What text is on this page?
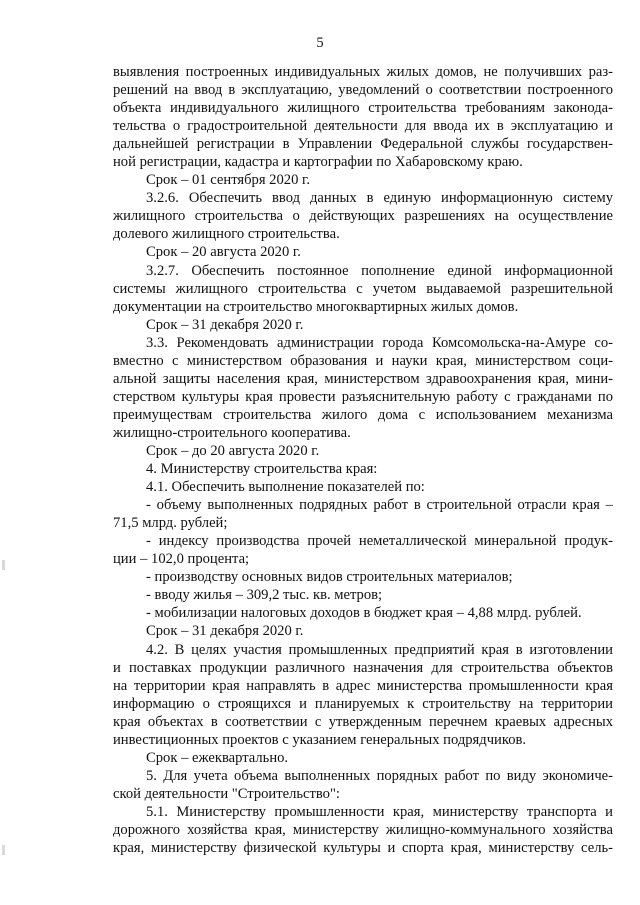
5
выявления построенных индивидуальных жилых домов, не получивших раз-
решений на ввод в эксплуатацию, уведомлений о соответствии построенного
объекта индивидуального жилищного строительства требованиям законода-
тельства о градостроительной деятельности для ввода их в эксплуатацию и
дальнейшей регистрации в Управлении Федеральной службы государствен-
ной регистрации, кадастра и картографии по Хабаровскому краю.
Срок – 01 сентября 2020 г.
3.2.6. Обеспечить ввод данных в единую информационную систему
жилищного строительства о действующих разрешениях на осуществление
долевого жилищного строительства.
Срок – 20 августа 2020 г.
3.2.7. Обеспечить постоянное пополнение единой информационной
системы жилищного строительства с учетом выдаваемой разрешительной
документации на строительство многоквартирных жилых домов.
Срок – 31 декабря 2020 г.
3.3. Рекомендовать администрации города Комсомольска-на-Амуре со-
вместно с министерством образования и науки края, министерством соци-
альной защиты населения края, министерством здравоохранения края, мини-
стерством культуры края провести разъяснительную работу с гражданами по
преимуществам строительства жилого дома с использованием механизма
жилищно-строительного кооператива.
Срок – до 20 августа 2020 г.
4. Министерству строительства края:
4.1. Обеспечить выполнение показателей по:
- объему выполненных подрядных работ в строительной отрасли края –
71,5 млрд. рублей;
- индексу производства прочей неметаллической минеральной продук-
ции – 102,0 процента;
- производству основных видов строительных материалов;
- вводу жилья – 309,2 тыс. кв. метров;
- мобилизации налоговых доходов в бюджет края – 4,88 млрд. рублей.
Срок – 31 декабря 2020 г.
4.2. В целях участия промышленных предприятий края в изготовлении
и поставках продукции различного назначения для строительства объектов
на территории края направлять в адрес министерства промышленности края
информацию о строящихся и планируемых к строительству на территории
края объектах в соответствии с утвержденным перечнем краевых адресных
инвестиционных проектов с указанием генеральных подрядчиков.
Срок – ежеквартально.
5. Для учета объема выполненных порядных работ по виду экономиче-
ской деятельности "Строительство":
5.1. Министерству промышленности края, министерству транспорта и
дорожного хозяйства края, министерству жилищно-коммунального хозяйства
края, министерству физической культуры и спорта края, министерству сель-
